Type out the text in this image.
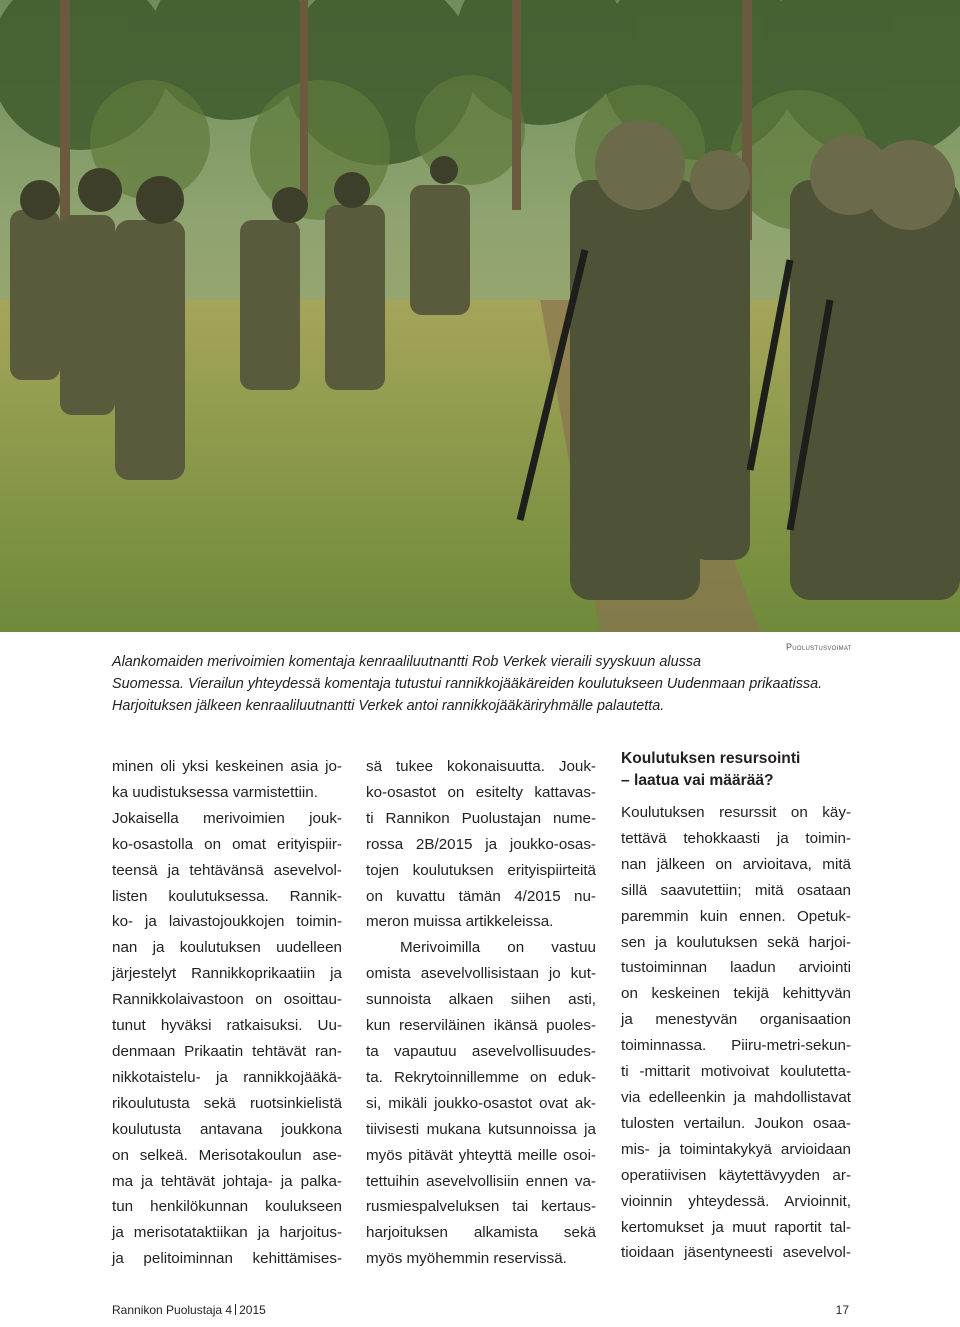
Puolustusvoimat
Alankomaiden merivoimien komentaja kenraaliluutnantti Rob Verkek vieraili syyskuun alussa
Suomessa. Vierailun yhteydessä komentaja tutustui rannikkojääkäreiden koulutukseen Uudenmaan prikaatissa.
Harjoituksen jälkeen kenraaliluutnantti Verkek antoi rannikkojääkäriryhmälle palautetta.
minen oli yksi keskeinen asia jo-
ka uudistuksessa varmistettiin.
Jokaisella merivoimien jouk-
ko-osastolla on omat erityispiir-
teensä ja tehtävänsä asevelvol-
listen koulutuksessa. Rannik-
ko- ja laivastojoukkojen toimin-
nan ja koulutuksen uudelleen
järjestelyt Rannikkoprikaatiin ja
Rannikkolaivastoon on osoittau-
tunut hyväksi ratkaisuksi. Uu-
denmaan Prikaatin tehtävät ran-
nikkotaistelu- ja rannikkojääkä-
rikoulutusta sekä ruotsinkielistä
koulutusta antavana joukkona
on selkeä. Merisotakoulun ase-
ma ja tehtävät johtaja- ja palka-
tun henkilökunnan koulukseen
ja merisotataktiikan ja harjoitus-
ja pelitoiminnan kehittämises-
sä tukee kokonaisuutta. Jouk-
ko-osastot on esitelty kattavas-
ti Rannikon Puolustajan nume-
rossa 2B/2015 ja joukko-osas-
tojen koulutuksen erityispiirteitä
on kuvattu tämän 4/2015 nu-
meron muissa artikkeleissa.
Merivoimilla on vastuu
omista asevelvollisistaan jo kut-
sunnoista alkaen siihen asti,
kun reserviläinen ikänsä puoles-
ta vapautuu asevelvollisuudes-
ta. Rekrytoinnillemme on eduk-
si, mikäli joukko-osastot ovat ak-
tiivisesti mukana kutsunnoissa ja
myös pitävät yhteyttä meille osoi-
tettuihin asevelvollisiin ennen va-
rusmiespalveluksen tai kertaus-
harjoituksen alkamista sekä
myös myöhemmin reservissä.
Koulutuksen resursointi
– laatua vai määrää?
Koulutuksen resurssit on käy-
tettävä tehokkaasti ja toimin-
nan jälkeen on arvioitava, mitä
sillä saavutettiin; mitä osataan
paremmin kuin ennen. Opetuk-
sen ja koulutuksen sekä harjoi-
tustoiminnan laadun arviointi
on keskeinen tekijä kehittyvän
ja menestyvän organisaation
toiminnassa. Piiru-metri-sekun-
ti -mittarit motivoivat koulutetta-
via edelleenkin ja mahdollistavat
tulosten vertailun. Joukon osaa-
mis- ja toimintakykyä arvioidaan
operatiivisen käytettävyyden ar-
vioinnin yhteydessä. Arvioinnit,
kertomukset ja muut raportit tal-
tioidaan jäsentyneesti asevelvol-
Rannikon Puolustaja 4 2015	17
